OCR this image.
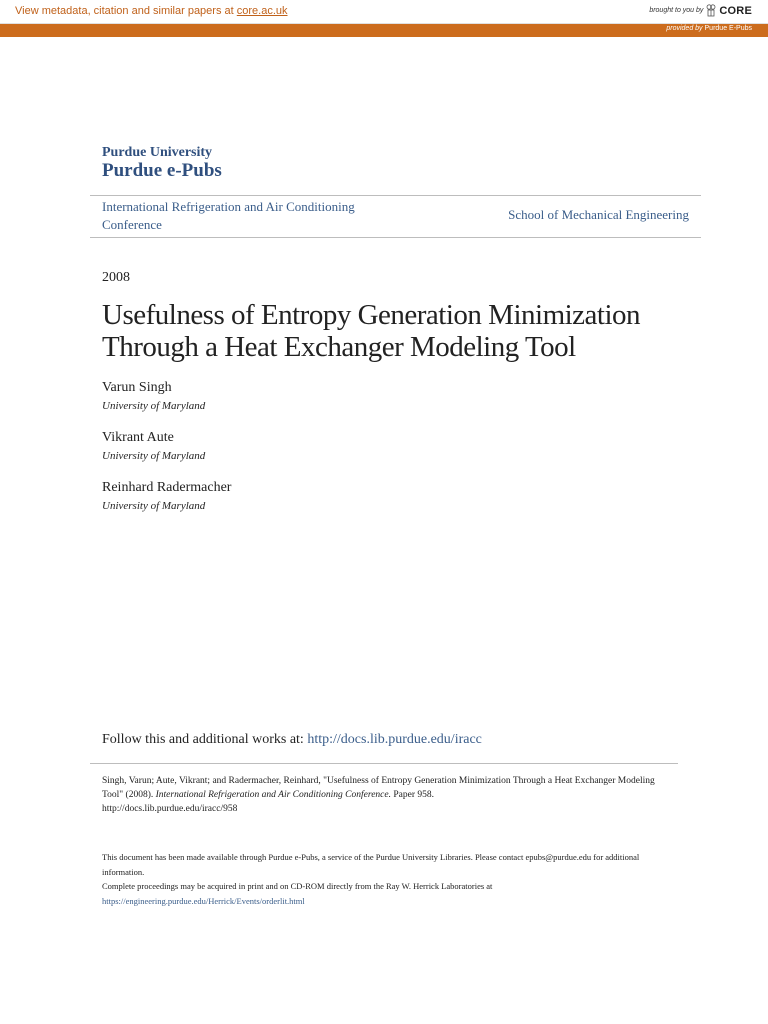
View metadata, citation and similar papers at core.ac.uk	brought to you by CORE
provided by Purdue E-Pubs
Purdue University
Purdue e-Pubs
International Refrigeration and Air Conditioning Conference
School of Mechanical Engineering
2008
Usefulness of Entropy Generation Minimization Through a Heat Exchanger Modeling Tool
Varun Singh
University of Maryland
Vikrant Aute
University of Maryland
Reinhard Radermacher
University of Maryland
Follow this and additional works at: http://docs.lib.purdue.edu/iracc
Singh, Varun; Aute, Vikrant; and Radermacher, Reinhard, "Usefulness of Entropy Generation Minimization Through a Heat Exchanger Modeling Tool" (2008). International Refrigeration and Air Conditioning Conference. Paper 958.
http://docs.lib.purdue.edu/iracc/958
This document has been made available through Purdue e-Pubs, a service of the Purdue University Libraries. Please contact epubs@purdue.edu for additional information.
Complete proceedings may be acquired in print and on CD-ROM directly from the Ray W. Herrick Laboratories at https://engineering.purdue.edu/Herrick/Events/orderlit.html
